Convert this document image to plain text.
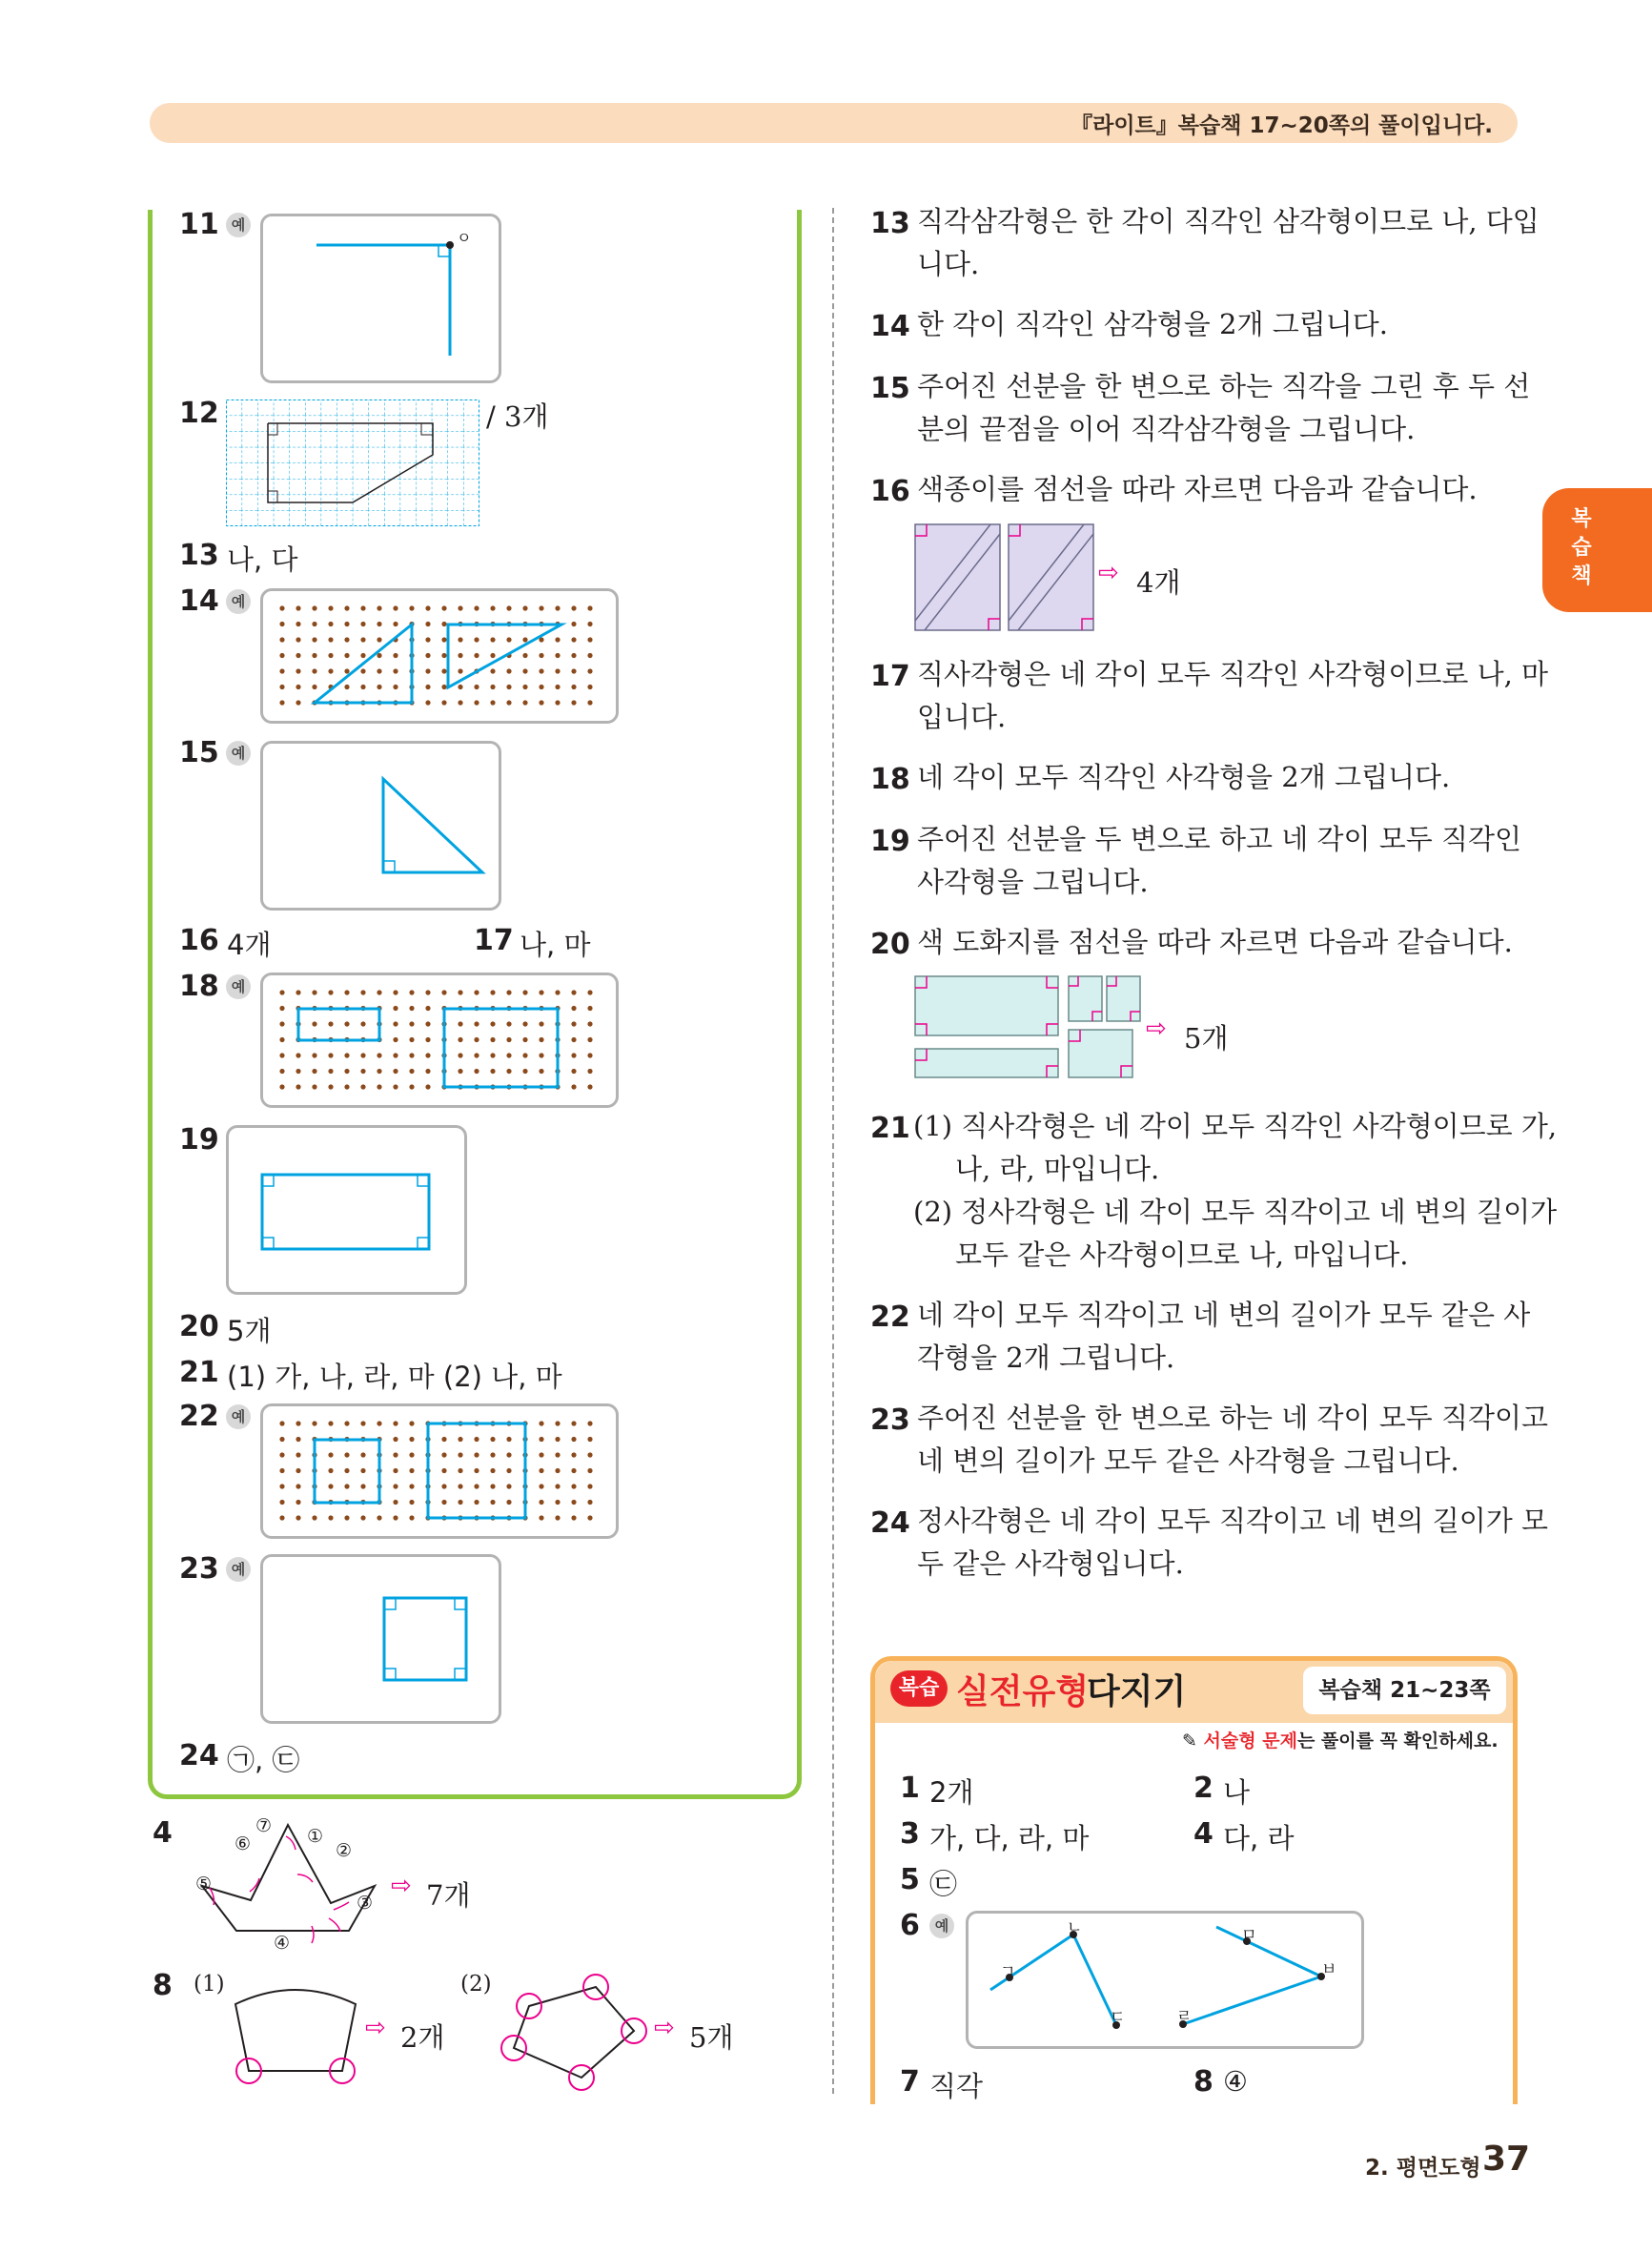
『라이트』복습책 17~20쪽의 풀이입니다.
복습책
11 예
ㅇ
12	/ 3개
13 나, 다
14 예
15 예
16 4개	17 나, 마
18 예
19
20 5개
21 (1) 가, 나, 라, 마 (2) 나, 마
22 예
23 예
24 ㉠, ㉢
4	⑦
⑥	①
②
⑤
③
④
⇨ 7개
8 (1)
⇨ 2개
(2)
⇨ 5개
13 직각삼각형은 한 각이 직각인 삼각형이므로 나, 다입
니다.
14 한 각이 직각인 삼각형을 2개 그립니다.
15 주어진 선분을 한 변으로 하는 직각을 그린 후 두 선
분의 끝점을 이어 직각삼각형을 그립니다.
16 색종이를 점선을 따라 자르면 다음과 같습니다.
⇨ 4개
17 직사각형은 네 각이 모두 직각인 사각형이므로 나, 마
입니다.
18 네 각이 모두 직각인 사각형을 2개 그립니다.
19 주어진 선분을 두 변으로 하고 네 각이 모두 직각인
사각형을 그립니다.
20 색 도화지를 점선을 따라 자르면 다음과 같습니다.
⇨ 5개
21 (1) 직사각형은 네 각이 모두 직각인 사각형이므로 가,
나, 라, 마입니다.
(2) 정사각형은 네 각이 모두 직각이고 네 변의 길이가
모두 같은 사각형이므로 나, 마입니다.
22 네 각이 모두 직각이고 네 변의 길이가 모두 같은 사
각형을 2개 그립니다.
23 주어진 선분을 한 변으로 하는 네 각이 모두 직각이고
네 변의 길이가 모두 같은 사각형을 그립니다.
24 정사각형은 네 각이 모두 직각이고 네 변의 길이가 모
두 같은 사각형입니다.
복습 실전유형
다지기	복습책 21~23쪽
✎ 서술형 문제는 풀이를 꼭 확인하세요.
1 2개	2 나
3 가, 다, 라, 마	4 다, 라
5 ㉢
6	예
ㄱ
ㄴ
ㄷ	ㄹ
ㅁ
ㅂ
7 직각	8 ④
2. 평면도형 37
